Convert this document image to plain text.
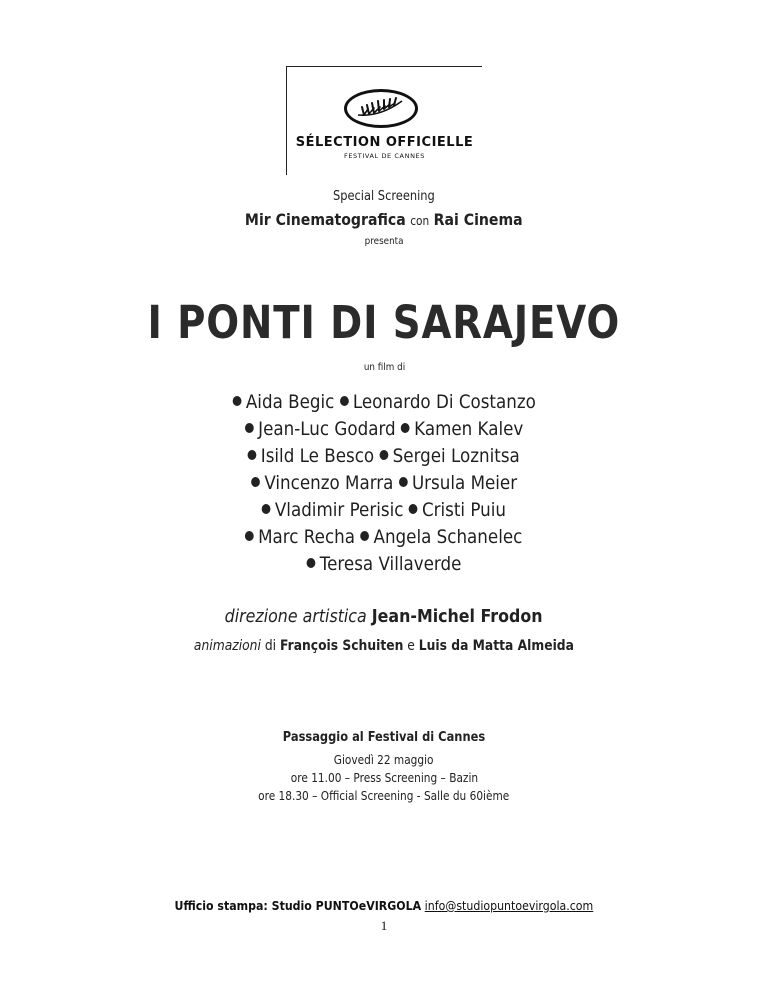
SÉLECTION OFFICIELLE
FESTIVAL DE CANNES
Special Screening
Mir Cinematografica con Rai Cinema
presenta
I PONTI DI SARAJEVO
un film di
Aida Begic Leonardo Di Costanzo
Jean-Luc Godard Kamen Kalev
Isild Le Besco Sergei Loznitsa
Vincenzo Marra Ursula Meier
Vladimir Perisic Cristi Puiu
Marc Recha Angela Schanelec
Teresa Villaverde
direzione artistica Jean-Michel Frodon
animazioni di François Schuiten e Luis da Matta Almeida
Passaggio al Festival di Cannes
Giovedì 22 maggio
ore 11.00 – Press Screening – Bazin
ore 18.30 – Official Screening - Salle du 60ième
Ufficio stampa: Studio PUNTOeVIRGOLA info@studiopuntoevirgola.com
1
